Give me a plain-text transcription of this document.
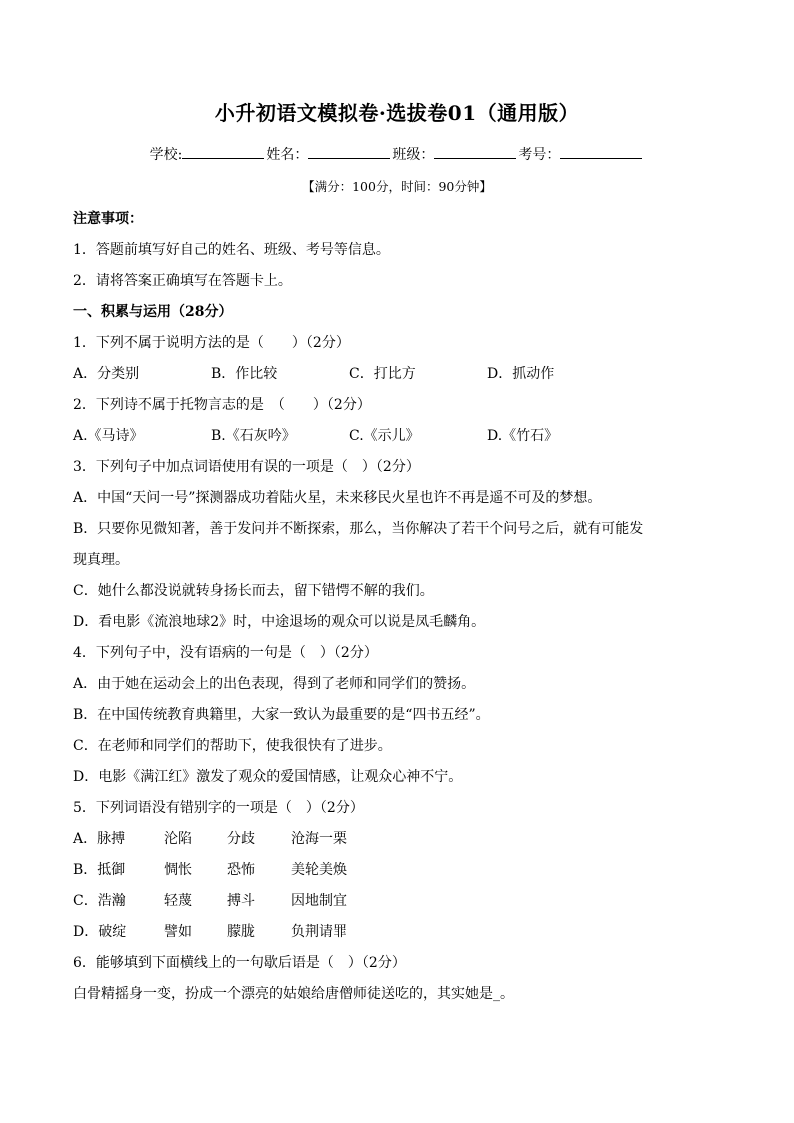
小升初语文模拟卷·选拔卷01（通用版）
学校:	姓名：	班级：	考号：
【满分：100分，时间：90分钟】
注意事项：
1．答题前填写好自己的姓名、班级、考号等信息。
2．请将答案正确填写在答题卡上。
一、积累与运用（28分）
1．下列不属于说明方法的是（　　）（2分）
A．分类别	B．作比较	C．打比方	D．抓动作
2．下列诗不属于托物言志的是　（　　）（2分）
A.《马诗》	B.《石灰吟》	C.《示儿》	D.《竹石》
3．下列句子中加点词语使用有误的一项是（　）（2分）
A．中国“天问一号”探测器成功着陆火星，未来移民火星也许不再是遥不可及的梦想。
B．只要你见微知著，善于发问并不断探索，那么，当你解决了若干个问号之后，就有可能发
现真理。
C．她什么都没说就转身扬长而去，留下错愕不解的我们。
D．看电影《流浪地球2》时，中途退场的观众可以说是凤毛麟角。
4．下列句子中，没有语病的一句是（　）（2分）
A．由于她在运动会上的出色表现，得到了老师和同学们的赞扬。
B．在中国传统教育典籍里，大家一致认为最重要的是“四书五经”。
C．在老师和同学们的帮助下，使我很快有了进步。
D．电影《满江红》激发了观众的爱国情感，让观众心神不宁。
5．下列词语没有错别字的一项是（　）（2分）
A．脉搏	沦陷	分歧	沧海一栗
B．抵御	惆怅	恐怖	美轮美焕
C．浩瀚	轻蔑	搏斗	因地制宜
D．破绽	譬如	朦胧	负荆请罪
6．能够填到下面横线上的一句歇后语是（　）（2分）
白骨精摇身一变，扮成一个漂亮的姑娘给唐僧师徒送吃的，其实她是_。
